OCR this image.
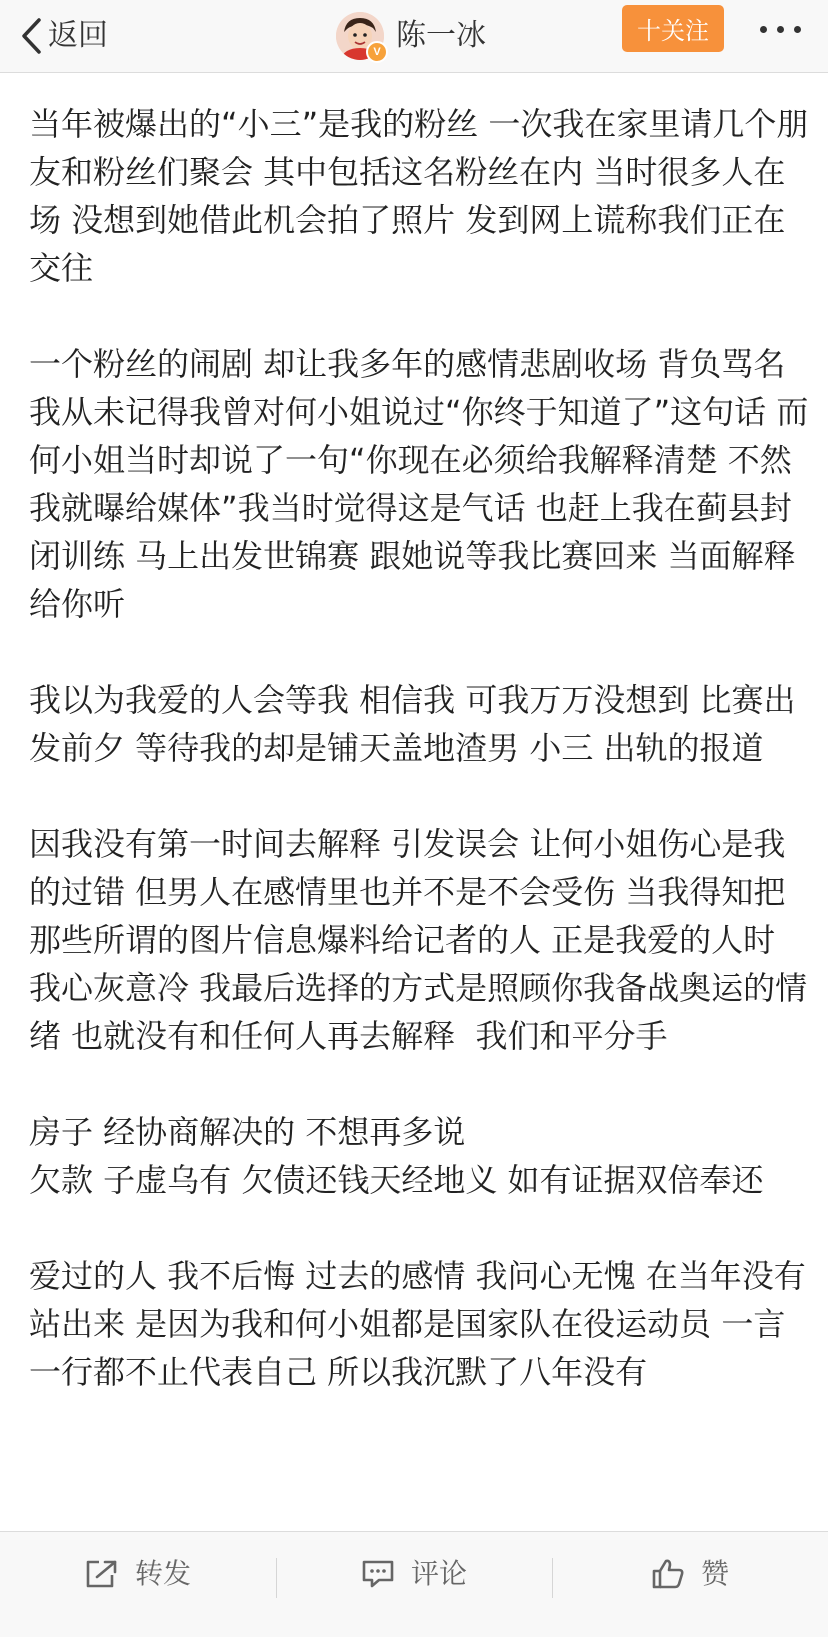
返回	V 陈一冰	十关注

当年被爆出的“小三”是我的粉丝 一次我在家里请几个朋友和粉丝们聚会 其中包括这名粉丝在内 当时很多人在场 没想到她借此机会拍了照片 发到网上谎称我们正在交往

一个粉丝的闹剧 却让我多年的感情悲剧收场 背负骂名 我从未记得我曾对何小姐说过“你终于知道了”这句话 而何小姐当时却说了一句“你现在必须给我解释清楚 不然我就曝给媒体”我当时觉得这是气话 也赶上我在蓟县封闭训练 马上出发世锦赛 跟她说等我比赛回来 当面解释给你听

我以为我爱的人会等我 相信我 可我万万没想到 比赛出发前夕 等待我的却是铺天盖地渣男 小三 出轨的报道

因我没有第一时间去解释 引发误会 让何小姐伤心是我的过错 但男人在感情里也并不是不会受伤 当我得知把那些所谓的图片信息爆料给记者的人 正是我爱的人时 我心灰意冷 我最后选择的方式是照顾你我备战奥运的情绪 也就没有和任何人再去解释  我们和平分手

房子 经协商解决的 不想再多说
欠款 子虚乌有 欠债还钱天经地义 如有证据双倍奉还

爱过的人 我不后悔 过去的感情 我问心无愧 在当年没有站出来 是因为我和何小姐都是国家队在役运动员 一言一行都不止代表自己 所以我沉默了八年没有

转发	评论	赞
